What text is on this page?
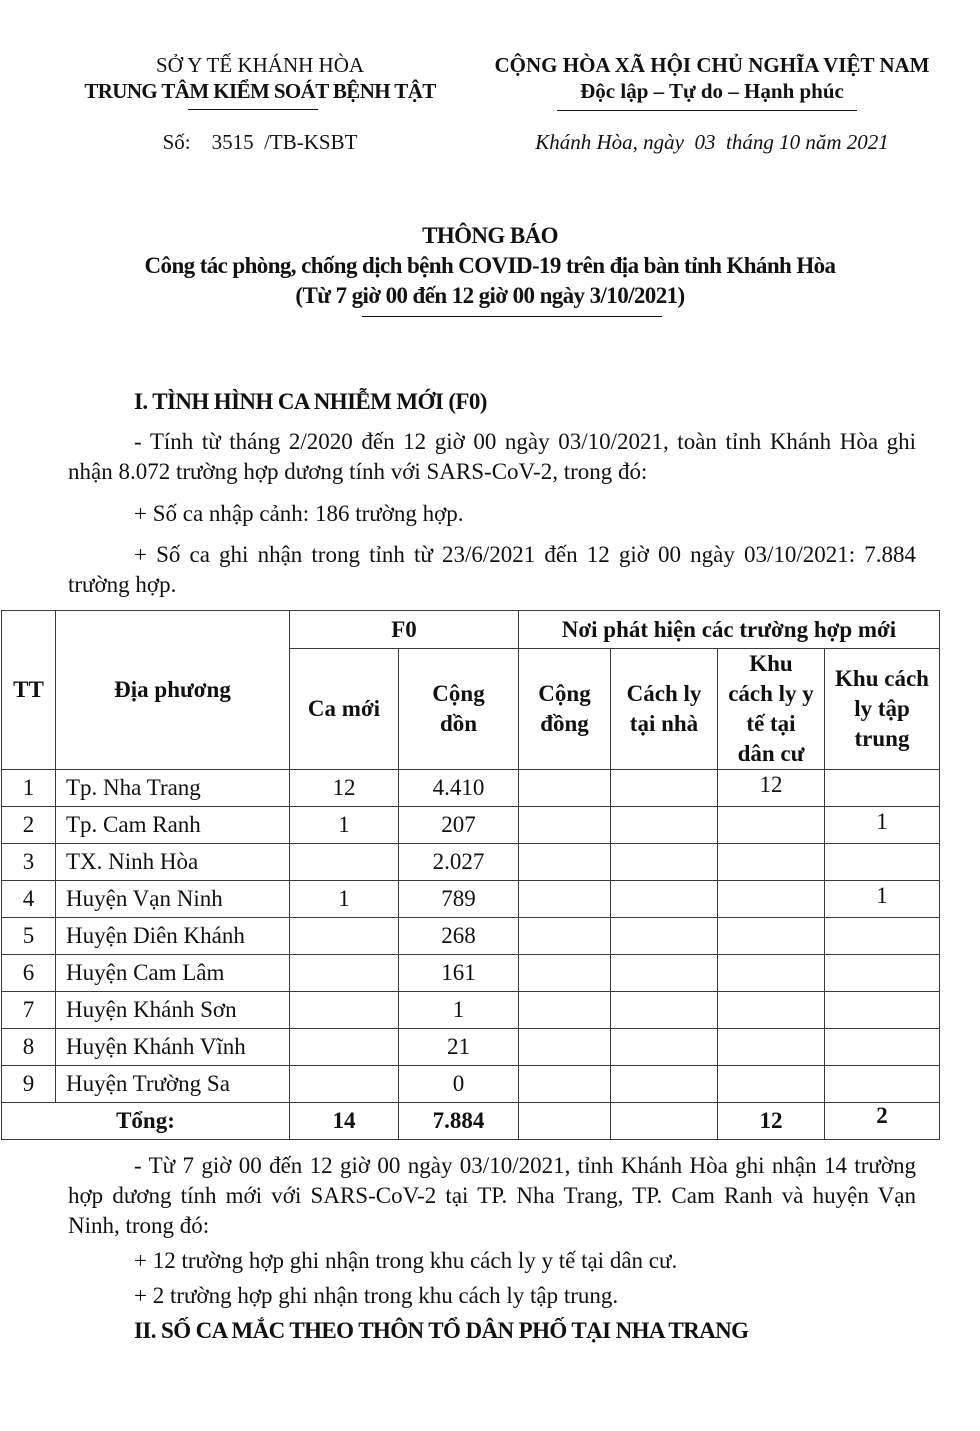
SỞ Y TẾ KHÁNH HÒA
TRUNG TÂM KIỂM SOÁT BỆNH TẬT
Số:    3515  /TB-KSBT
CỘNG HÒA XÃ HỘI CHỦ NGHĨA VIỆT NAM
Độc lập – Tự do – Hạnh phúc
Khánh Hòa, ngày  03  tháng 10 năm 2021
THÔNG BÁO
Công tác phòng, chống dịch bệnh COVID-19 trên địa bàn tỉnh Khánh Hòa
(Từ 7 giờ 00 đến 12 giờ 00 ngày 3/10/2021)
I. TÌNH HÌNH CA NHIỄM MỚI (F0)
- Tính từ tháng 2/2020 đến 12 giờ 00 ngày 03/10/2021, toàn tỉnh Khánh Hòa ghi nhận 8.072 trường hợp dương tính với SARS-CoV-2, trong đó:
+ Số ca nhập cảnh: 186 trường hợp.
+ Số ca ghi nhận trong tỉnh từ 23/6/2021 đến 12 giờ 00 ngày 03/10/2021: 7.884 trường hợp.
TT	Địa phương	F0		Nơi phát hiện các trường hợp mới			
		Ca mới	Cộng dồn	Cộng đồng	Cách ly tại nhà	Khu cách ly y tế tại dân cư	Khu cách ly tập trung
1	Tp. Nha Trang	12	4.410			12	
2	Tp. Cam Ranh	1	207				1
3	TX. Ninh Hòa		2.027				
4	Huyện Vạn Ninh	1	789				1
5	Huyện Diên Khánh		268				
6	Huyện Cam Lâm		161				
7	Huyện Khánh Sơn		1				
8	Huyện Khánh Vĩnh		21				
9	Huyện Trường Sa		0				
Tổng:		14	7.884			12	2
- Từ 7 giờ 00 đến 12 giờ 00 ngày 03/10/2021, tỉnh Khánh Hòa ghi nhận 14 trường hợp dương tính mới với SARS-CoV-2 tại TP. Nha Trang, TP. Cam Ranh và huyện Vạn Ninh, trong đó:
+ 12 trường hợp ghi nhận trong khu cách ly y tế tại dân cư.
+ 2 trường hợp ghi nhận trong khu cách ly tập trung.
II. SỐ CA MẮC THEO THÔN TỔ DÂN PHỐ TẠI NHA TRANG
